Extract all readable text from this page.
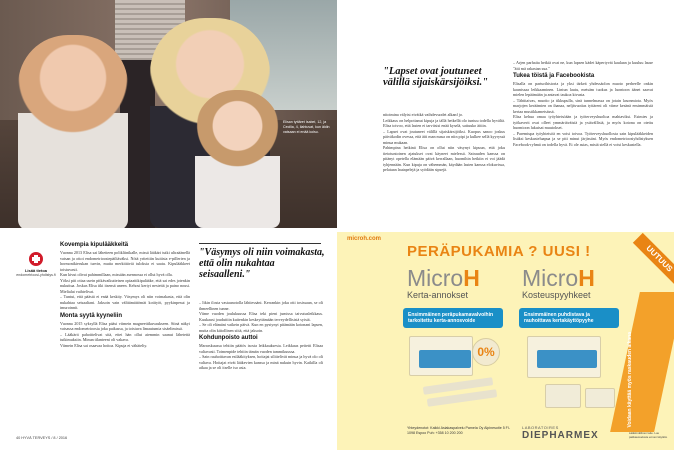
Elisan tyttäret Isabel, 12, ja Cecilia, 4, ilahtuvat, kun äidin vatsaan ei enää koisu.
Lisää tietoa
endometrioosi-yhdistys.fi
Kovempia kipulääkkeitä

Vuonna 2013 Elisa sai lähetteen polikliinikalle, missä lääkäri tutki ultraäänellä vatsan ja ottoi endometrioosiepäiltäväksi. Nötä yritettiin kuitista e-pillerien ja hormonikierukan turvin, mutta merkittäviä tuloksia ei saatu. Kipulääkkeet toistuvasti.

Kun kivut olivat pahimmillaan, missään asennossa ei ollut hyvä olla.

Yöksi piti ottaa usein pitkävaikutteisen opiaattikipulääke, että sai edes jotenkin nukuttua. Joskus Elisa itki itsensä uneen. Kehosi kertyi nesteitä ja paino nousi. Mielialat vaihtelivat.

– Tuntui, että päästä ei enää keskity. Väsymys oli niin voimakasta, että olin nukahtaa seisaaltani. Jaksoin vain välttämättömät kotityöt, pyykinpesut ja imuroinnit.

Monta syytä kyyneliin

Vuonna 2015 syksyllä Elisa pääsi viimein magneettikuvaukseen. Siinä näkyi vatsassa endometrioosia joka paikassa, ja toistuva limautumia sisäelimissä.

– Lääkärit pahoittelivat sitä, ettei hän ollut aiemmin saanut lähetettä tutkimuksiin. Minun tilanteeni oli vakava.

Viimein Elisa sai osaavaa hoitoa. Kipuja ei vähätelty.

"Väsymys oli niin voimakasta, että olin nukahtaa seisaalleni."

– Itkin ilosta vastaanotolla lähtiessäni. Kerrankin joku otti tosissaan, se oli ihmeellinen tunne.

Viime vuoden joulukuussa Elisa teki pieni jumissa taivutusleikkaus. Kuukausi jouduttiin kuitenkin keskeyttämään terveydellisistä syistä.

– Se oli elämäni vaikein päivä. Kun en pystynyt pitämään kotonani lapsen, mutta olin kiitollinen siitä, että jaksoin.

Kohdunpoisto auttoi

Marraskuussa tehtiin päätös isosta leikkauksesta. Leikkaus peitetti Elisaa valtavasti. Toimenpide tehtiin tämän vuoden tammikuussa.

– Sain rauhoittavan esilääkityksen, hoitajat silittelivät minua ja hyvä olo oli valtava. Hoitajat eivät lääkevien kanssa ja minä nukuin hyvin. Kaikilla oli aikaa ja se oli itselle iso asia.

40 HYVÄ TERVEYS / 8 / 2016
"Lapset ovat joutuneet välillä sijaiskärsijöiksi."

nitoimina välyist eivätkä vaihdevuodet alkanf jo.

Leikkaus on helpottanut kipuja ja tällä hetkellä olo tuntuu todella hyvältä. Elisa toivoo, että lasten ei tarvitsisi enää kyselä, sattuuko äitiin.

– Lapset ovat joutuneet välillä sijaiskärsijöiksi. Kuopus sanoo joskus päiväkodin ovessa, että äiti man masa on niin pipi ja kulkee sellä kyyryssä minua mukaan.

Pahimpina hetkinä Elisa on ollut niin väsynyt kipuun, että joku tietotuntoinen ajatukset ovat käyneet mielessä. Sairauden kanssa on pitänyt opetella elämään päivä kerrallaan, huomihin hetkiin ei voi jäädä tyhjennään. Kun kipuja on vähemmän, käydään lasten kanssa elokuvissa, pelataan lautapelejä ja syödään sipsejä.

– Arjen parhaita hetkiä ovat ne, kun lapsen kädet käpertyvät kaulaan ja kuuluu lause "äiti mä rakastan sua."

Tukea töistä ja Facebookista

Elisalla on parturihistoria ja yksi tärkeä yhdessäolon muoto perheelle onkin kaunissaa leikkaaminen. Lintun lautu, metsäm tuokus ja luontoon äänet saavat mielen lepäämään ja antavat taukoa kivusta.

– Tähtitaivas, muotio ja tikkupulla, sinä tunnelmassa on jotain lasonmiota. Myös marjojen keräämien on ihanaa, neljävuotias tyttäreni oli viime kesänä ensimmäistä kertaa mustikkametsässä.

Elisa kehua omaa työyhteisöään ja työterveyshuoltoa mahtaviksi. Esimies ja työkaverit ovat olleet ymmärtäväisiä ja ystävällisiä, ja myös kotona on otettu huomioon lukuisat muutokset.

– Paremiupa työyhteisöä en voisi toivoa. Työterveyshuollosta sain kipulääkkeiden lisäksi keskusteluapua ja se piti minut järjissäni. Myös endometrioosiyhdistyksen Facebook-ryhmä on todella hyvä. Et ole asias, mistä siellä ei voisi keskustella.

microh.com
PERÄPUKAMIA ? UUSI !
Voidaan käyttää myös raskauden aikana
UUTUUS
MicroH
Kerta-annokset
Ensimmäinen peräpukamavalvoihin tarkoitettu kerta-annosvoide
MicroH
Kosteuspyyhkeet
Ensimmäinen puhdistava ja rauhoittava kertakäyttöpyyhe
0%
Yhteydenotot: Kaikki Asiakaspalvelu Pamela Oy Alpinesotie 5 FI-1098 Espoo Puh: +358 10 200 200
LABORATOIRES
DIEPHARMEX	Lääkinnällinen laite. Lue pakkausseloste ennen käyttöä.
